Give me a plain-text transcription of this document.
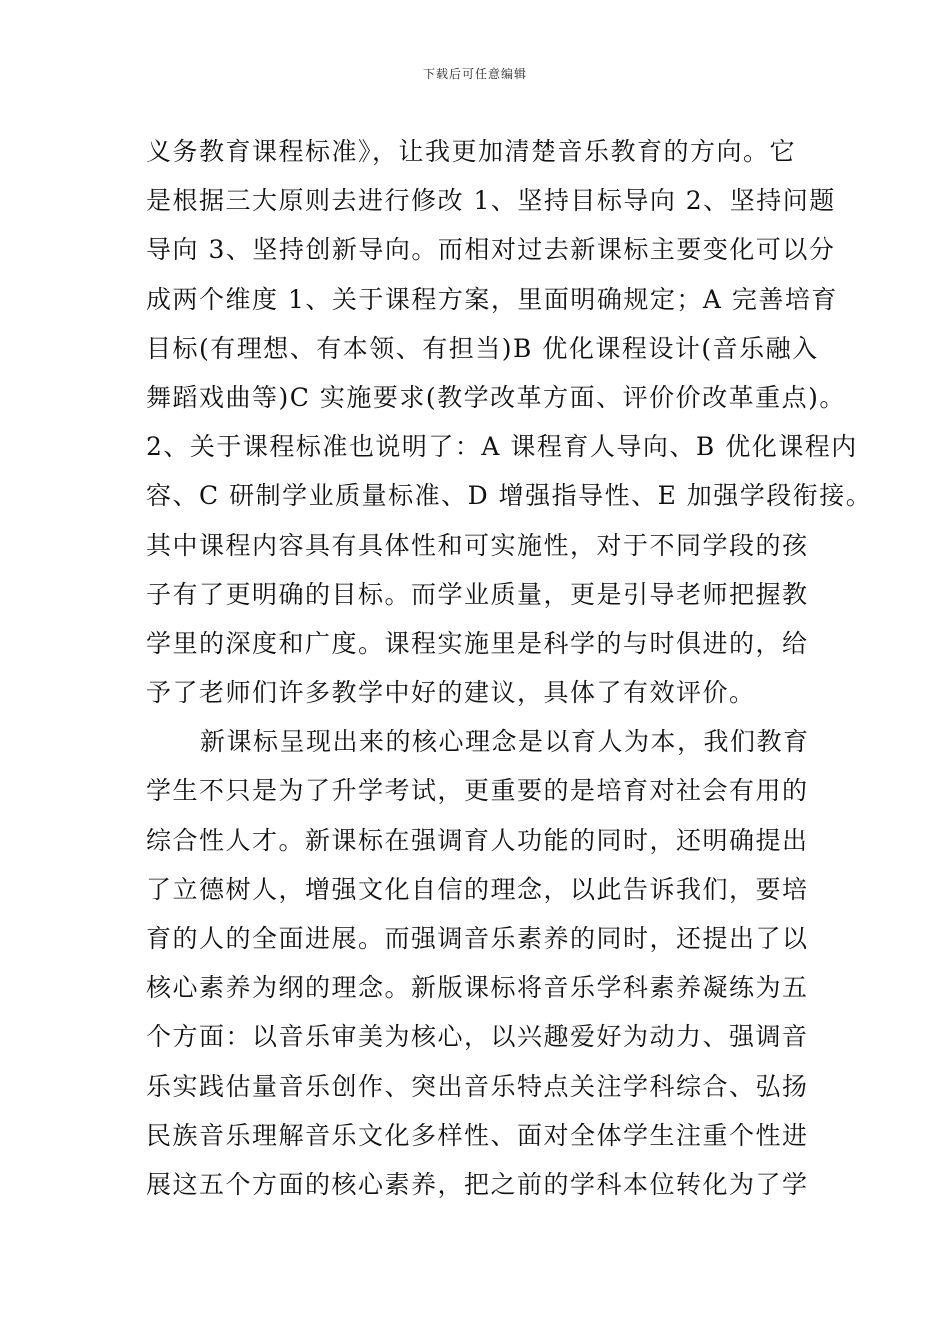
下载后可任意编辑
义务教育课程标准》，让我更加清楚音乐教育的方向。它
是根据三大原则去进行修改 1、坚持目标导向 2、坚持问题
导向 3、坚持创新导向。而相对过去新课标主要变化可以分
成两个维度 1、关于课程方案，里面明确规定；A 完善培育
目标(有理想、有本领、有担当)B 优化课程设计(音乐融入
舞蹈戏曲等)C 实施要求(教学改革方面、评价价改革重点)。
2、关于课程标准也说明了：A 课程育人导向、B 优化课程内
容、C 研制学业质量标准、D 增强指导性、E 加强学段衔接。
其中课程内容具有具体性和可实施性，对于不同学段的孩
子有了更明确的目标。而学业质量，更是引导老师把握教
学里的深度和广度。课程实施里是科学的与时俱进的，给
予了老师们许多教学中好的建议，具体了有效评价。
新课标呈现出来的核心理念是以育人为本，我们教育
学生不只是为了升学考试，更重要的是培育对社会有用的
综合性人才。新课标在强调育人功能的同时，还明确提出
了立德树人，增强文化自信的理念，以此告诉我们，要培
育的人的全面进展。而强调音乐素养的同时，还提出了以
核心素养为纲的理念。新版课标将音乐学科素养凝练为五
个方面：以音乐审美为核心，以兴趣爱好为动力、强调音
乐实践估量音乐创作、突出音乐特点关注学科综合、弘扬
民族音乐理解音乐文化多样性、面对全体学生注重个性进
展这五个方面的核心素养，把之前的学科本位转化为了学
